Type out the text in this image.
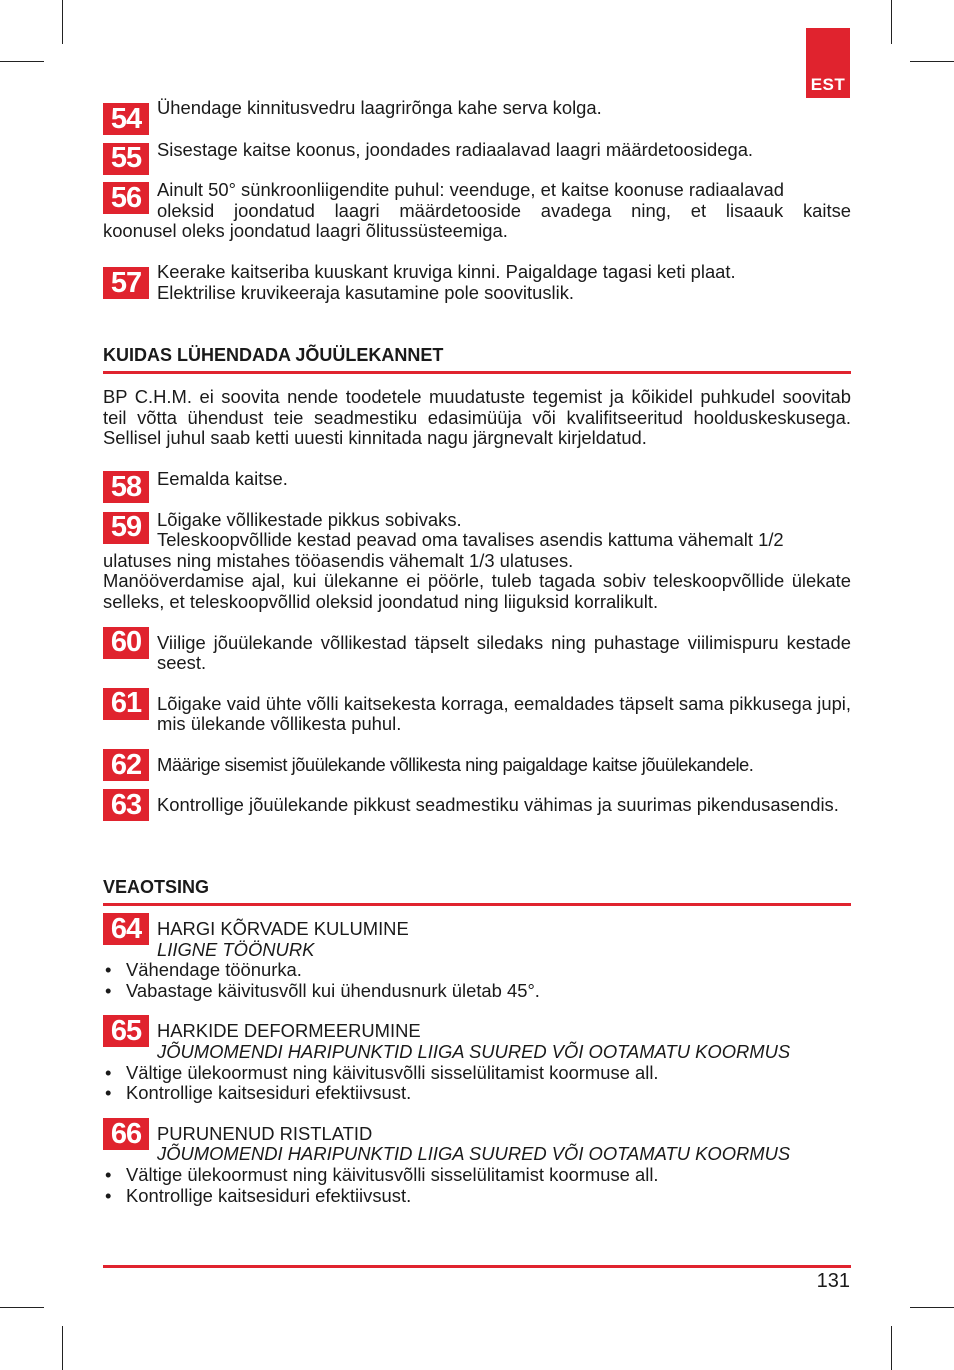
EST
54 Ühendage kinnitusvedru laagrirõnga kahe serva kolga.
55 Sisestage kaitse koonus, joondades radiaalavad laagri määrdetoosidega.
56 Ainult 50° sünkroonliigendite puhul: veenduge, et kaitse koonuse radiaalavad
oleksid joondatud laagri määrdetooside avadega ning, et lisaauk kaitse
koonusel oleks joondatud laagri õlitussüsteemiga.
57 Keerake kaitseriba kuuskant kruviga kinni. Paigaldage tagasi keti plaat.
Elektrilise kruvikeeraja kasutamine pole soovituslik.
KUIDAS LÜHENDADA JÕUÜLEKANNET
BP C.H.M. ei soovita nende toodetele muudatuste tegemist ja kõikidel puhkudel soovitab teil võtta ühendust teie seadmestiku edasimüüja või kvalifitseeritud hoolduskeskusega. Sellisel juhul saab ketti uuesti kinnitada nagu järgnevalt kirjeldatud.
58 Eemalda kaitse.
59 Lõigake võllikestade pikkus sobivaks.
Teleskoopvõllide kestad peavad oma tavalises asendis kattuma vähemalt 1/2
ulatuses ning mistahes tööasendis vähemalt 1/3 ulatuses.
Manööverdamise ajal, kui ülekanne ei pöörle, tuleb tagada sobiv teleskoopvõllide ülekate selleks, et teleskoopvõllid oleksid joondatud ning liiguksid korralikult.
60 Viilige jõuülekande võllikestad täpselt siledaks ning puhastage viilimispuru kestade seest.
61 Lõigake vaid ühte võlli kaitsekesta korraga, eemaldades täpselt sama pikkusega jupi, mis ülekande võllikesta puhul.
62 Määrige sisemist jõuülekande võllikesta ning paigaldage kaitse jõuülekandele.
63 Kontrollige jõuülekande pikkust seadmestiku vähimas ja suurimas pikendusasendis.
VEAOTSING
64 HARGI KÕRVADE KULUMINE
LIIGNE TÖÖNURK
• Vähendage töönurka.
• Vabastage käivitusvõll kui ühendusnurk ületab 45°.
65 HARKIDE DEFORMEERUMINE
JÕUMOMENDI HARIPUNKTID LIIGA SUURED VÕI OOTAMATU KOORMUS
• Vältige ülekoormust ning käivitusvõlli sisselülitamist koormuse all.
• Kontrollige kaitsesiduri efektiivsust.
66 PURUNENUD RISTLATID
JÕUMOMENDI HARIPUNKTID LIIGA SUURED VÕI OOTAMATU KOORMUS
• Vältige ülekoormust ning käivitusvõlli sisselülitamist koormuse all.
• Kontrollige kaitsesiduri efektiivsust.
131
